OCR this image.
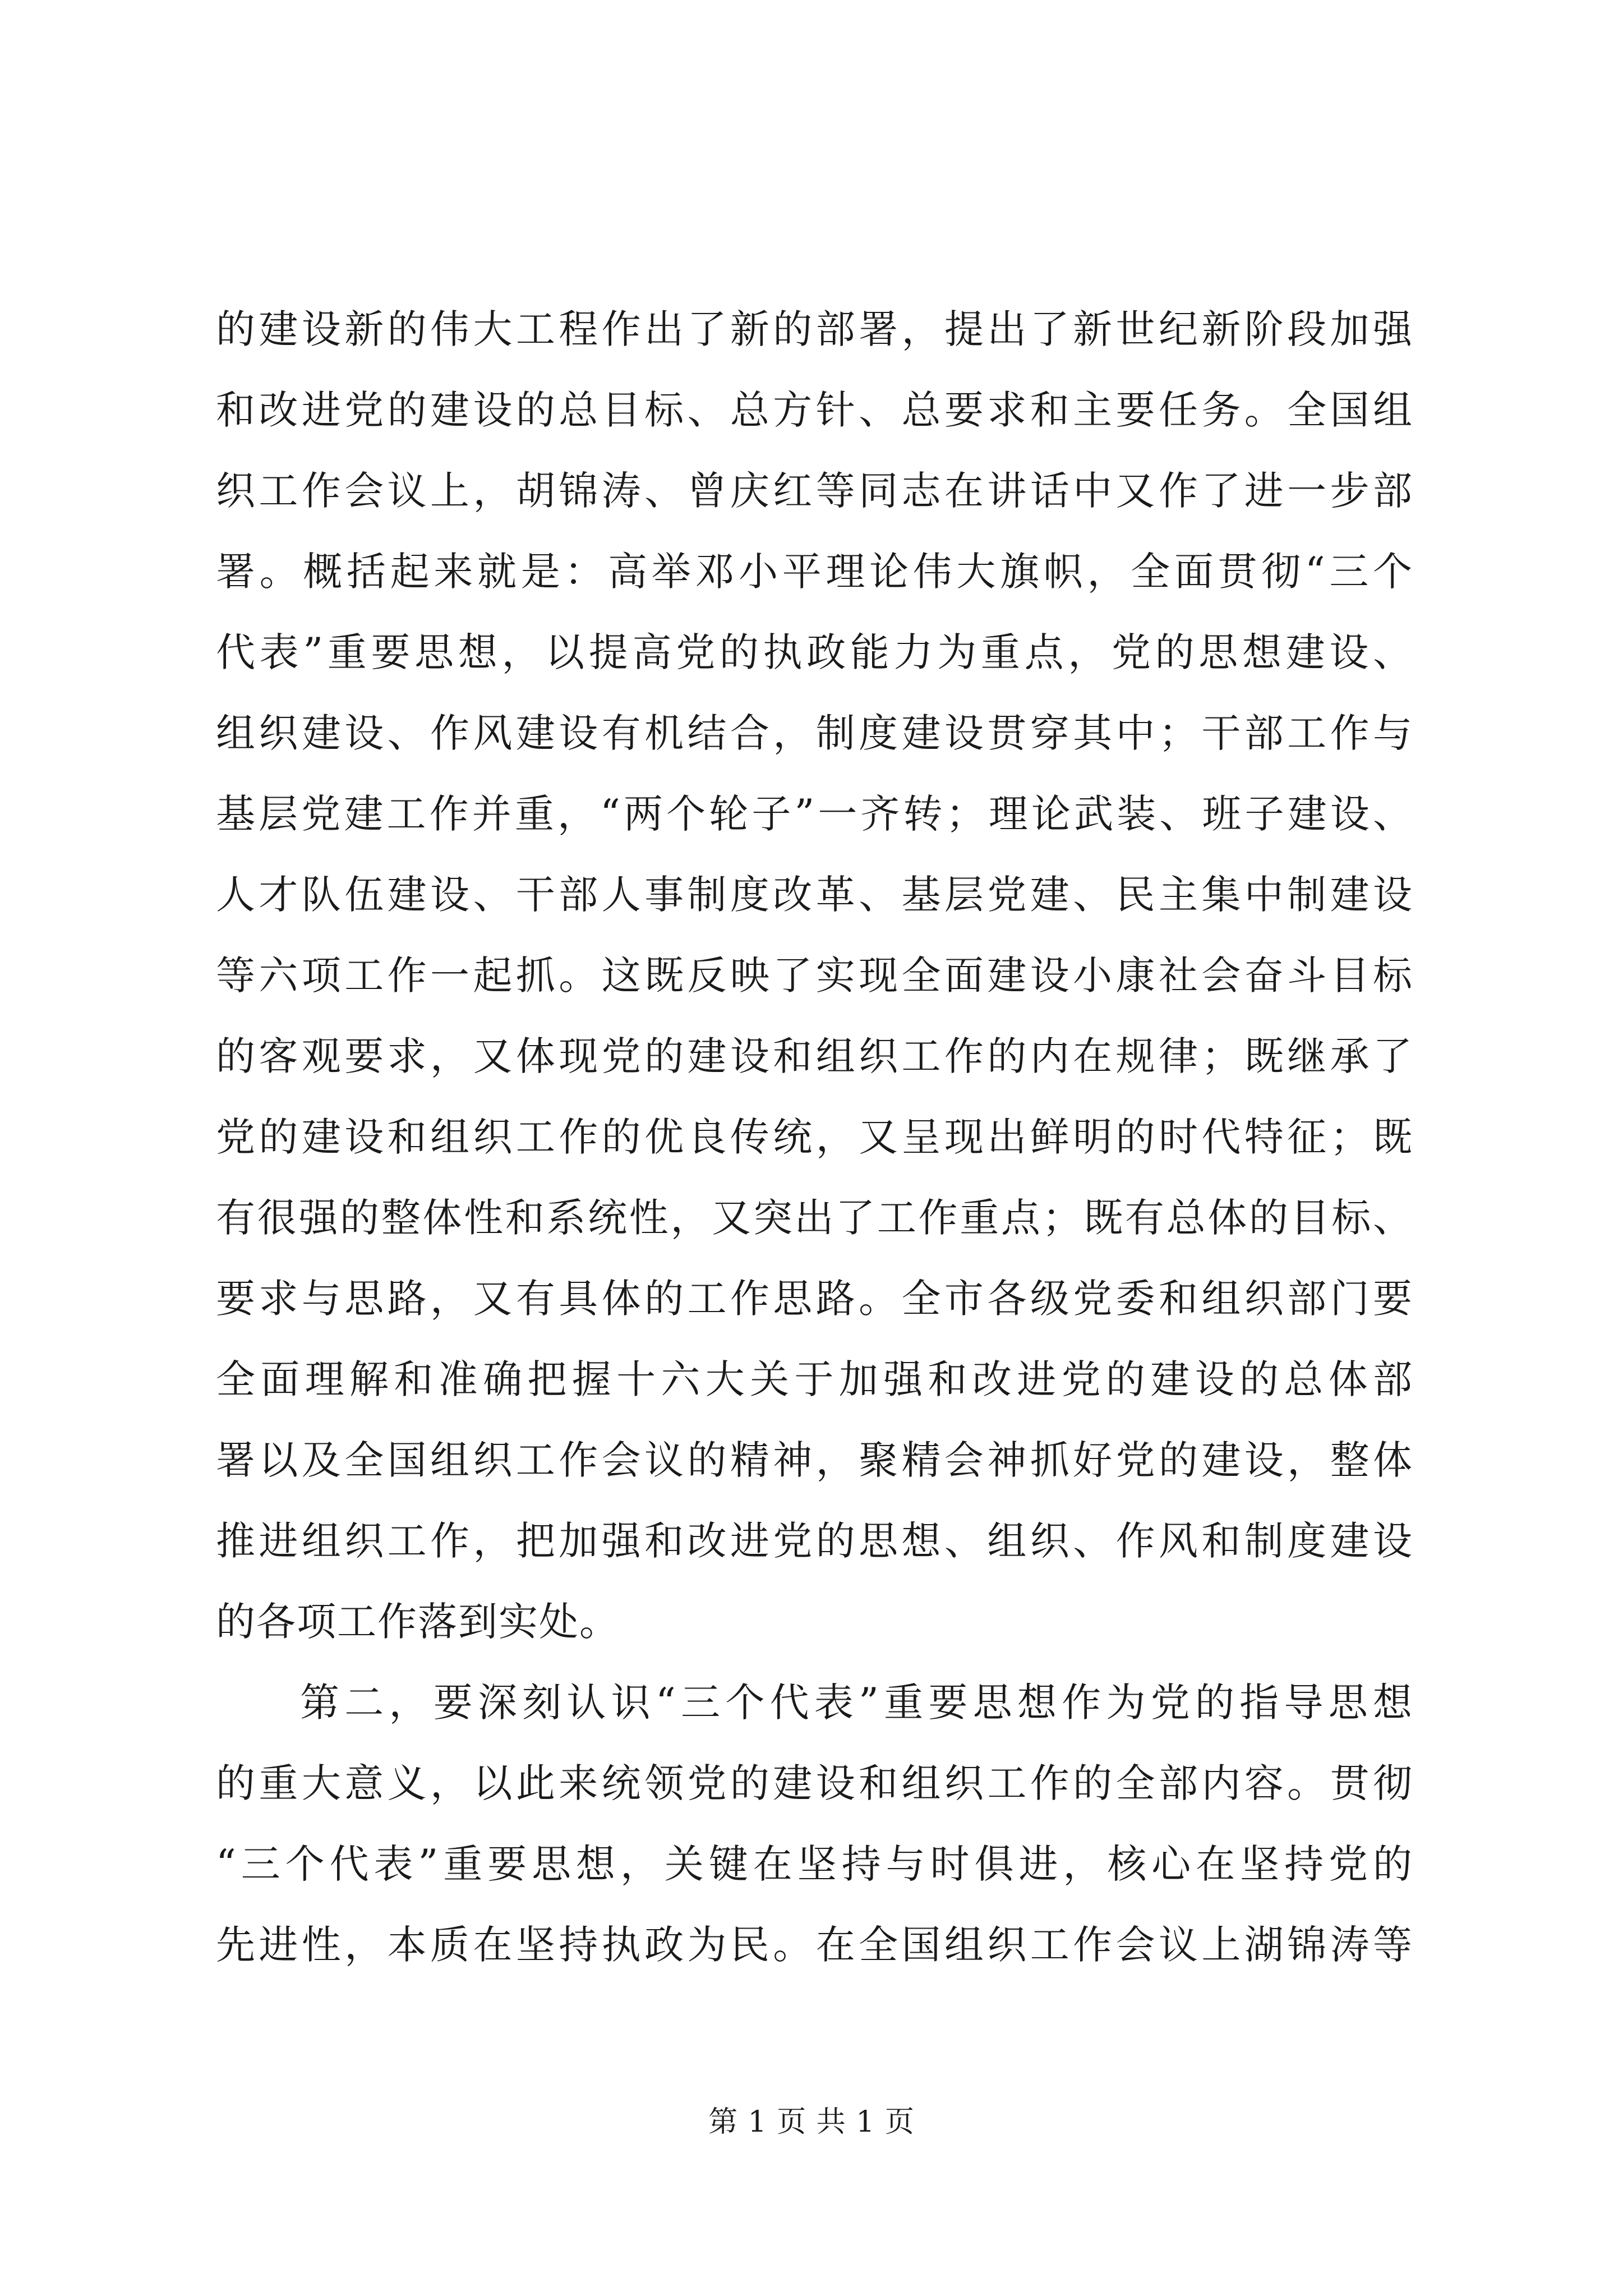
的建设新的伟大工程作出了新的部署，提出了新世纪新阶段加强
和改进党的建设的总目标、总方针、总要求和主要任务。全国组
织工作会议上，胡锦涛、曾庆红等同志在讲话中又作了进一步部
署。概括起来就是：高举邓小平理论伟大旗帜，全面贯彻“三个
代表”重要思想，以提高党的执政能力为重点，党的思想建设、
组织建设、作风建设有机结合，制度建设贯穿其中；干部工作与
基层党建工作并重，“两个轮子”一齐转；理论武装、班子建设、
人才队伍建设、干部人事制度改革、基层党建、民主集中制建设
等六项工作一起抓。这既反映了实现全面建设小康社会奋斗目标
的客观要求，又体现党的建设和组织工作的内在规律；既继承了
党的建设和组织工作的优良传统，又呈现出鲜明的时代特征；既
有很强的整体性和系统性，又突出了工作重点；既有总体的目标、
要求与思路，又有具体的工作思路。全市各级党委和组织部门要
全面理解和准确把握十六大关于加强和改进党的建设的总体部
署以及全国组织工作会议的精神，聚精会神抓好党的建设，整体
推进组织工作，把加强和改进党的思想、组织、作风和制度建设
的各项工作落到实处。
第二，要深刻认识“三个代表”重要思想作为党的指导思想
的重大意义，以此来统领党的建设和组织工作的全部内容。贯彻
“三个代表”重要思想，关键在坚持与时俱进，核心在坚持党的
先进性，本质在坚持执政为民。在全国组织工作会议上湖锦涛等
第 1 页 共 1 页
